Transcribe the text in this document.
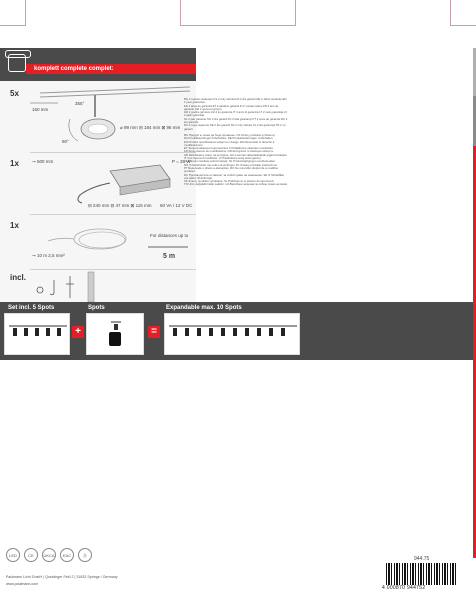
komplett complete complet:
5x
160 mm
355°
90°
⌀ 99 mm ⊟ 184 mm ⊠ 96 mm
1x	⊸ 500 mm	P = 26 W
⊟ 240 mm ⊟ 47 mm ⊠ 115 mm 60 VA / 12 V DC
1x
⊸ 10 m 2,5 mm²
For distances up to
5 m
incl.
BG 2 години гаранция CS 2 roky záruka DA 2 års garanti DE 2 Jahre Garantie EN 2 year guarantee
ES 2 años de garantía ET 2 aastane garantii FI 2 vuoden takuu FR 2 ans de garantie GR 2 χρόνια εγγύηση
HR 2 godine jamstva HU 2 év garancia IT 2 anni di garanzia LT 2 metų garantija LV 2 gadu garantija
NL 2 jaar garantie NO 2 års garanti PL 2 lata gwarancji PT 2 anos de garantia RO 2 ani garanție
RU 2 года гарантии SE 2 års garanti SK 2 roky záruka SL 2 leti garancija TR 2 yıl garanti
BG Продуктът може да бъде променен. CS Změny produktu vyhrazeny.
DA Produktændringer forbeholdes. DE Produktänderungen vorbehalten.
EN Product specifications subject to change. ES Reservado el derecho a modificaciones.
ET Tootemuudatused reserveeritud. FI Pidätämme oikeuden muutoksiin.
FR Sous réserve de modifications. GR Διατηρείται το δικαίωμα αλλαγών.
HR Zadržavamo pravo na promjene. HU A termék változtatásának jogát fenntartjuk.
IT Con riserva di modifiche. LT Pasiliekame teisę keisti gaminį.
LV Paturam tiesības veikt izmaiņas. NL Productwijzigingen voorbehouden.
NO Vi forbeholder oss retten til endringer. PL Zmiany produktu zastrzeżone.
PT Reservado o direito a alterações. RO Ne rezervăm dreptul de a modifica produsul.
RU Производитель оставляет за собой право на изменения. SE Vi förbehåller oss rätten till ändringar.
SK Zmeny produktu vyhradené. SL Pridržujemo si pravico do sprememb.
TR Ürün değişiklik hakkı saklıdır. UA Виробник залишає за собою право на зміни.
Set incl. 5 Spots
+
Spots
=
Expandable max. 10 Spots
LED	CE	UKCA	EAC	Ⓡ
Paulmann Licht GmbH | Quezlinger Feld 2 | 31832 Springe / Germany
www.paulmann.com
944.75
4 000870 944752
